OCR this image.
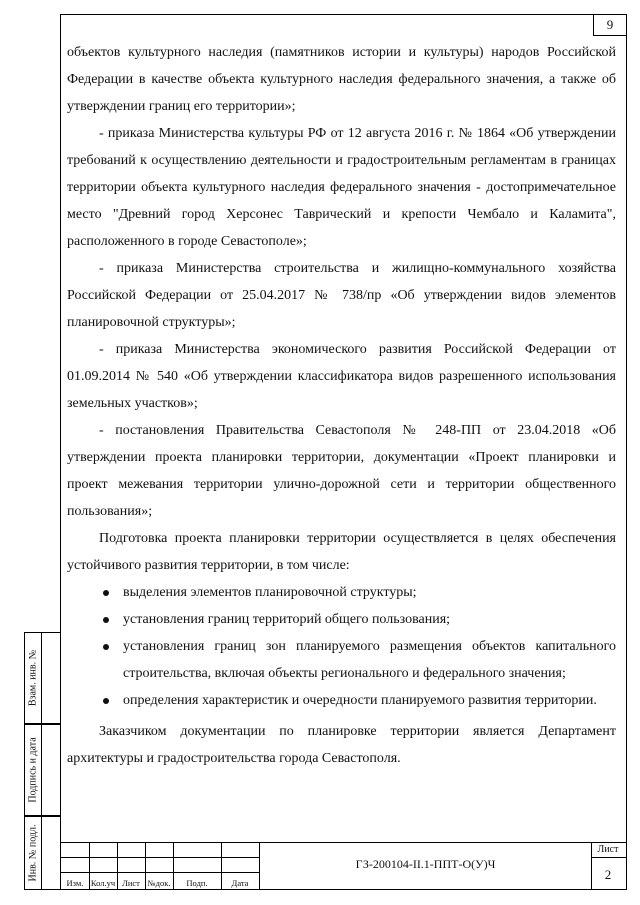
Взам. инв. №
Подпись и дата
Инв. № подл.
9

объектов культурного наследия (памятников истории и культуры) народов Российской Федерации в качестве объекта культурного наследия федерального значения, а также об утверждении границ его территории»;

- приказа Министерства культуры РФ от 12 августа 2016 г. № 1864 «Об утверждении требований к осуществлению деятельности и градостроительным регламентам в границах территории объекта культурного наследия федерального значения - достопримечательное место "Древний город Херсонес Таврический и крепости Чембало и Каламита", расположенного в городе Севастополе»;

- приказа Министерства строительства и жилищно-коммунального хозяйства Российской Федерации от 25.04.2017 № 738/пр «Об утверждении видов элементов планировочной структуры»;

- приказа Министерства экономического развития Российской Федерации от 01.09.2014 № 540 «Об утверждении классификатора видов разрешенного использования земельных участков»;

- постановления Правительства Севастополя № 248-ПП от 23.04.2018 «Об утверждении проекта планировки территории, документации «Проект планировки и проект межевания территории улично-дорожной сети и территории общественного пользования»;

Подготовка проекта планировки территории осуществляется в целях обеспечения устойчивого развития территории, в том числе:

выделения элементов планировочной структуры;
установления границ территорий общего пользования;
установления границ зон планируемого размещения объектов капитального строительства, включая объекты регионального и федерального значения;
определения характеристик и очередности планируемого развития территории.

Заказчиком документации по планировке территории является Департамент архитектуры и градостроительства города Севастополя.

Изм. Кол.уч Лист №док.	Подп.	Дата
ГЗ-200104-II.1-ППТ-О(У)Ч
Лист
2
